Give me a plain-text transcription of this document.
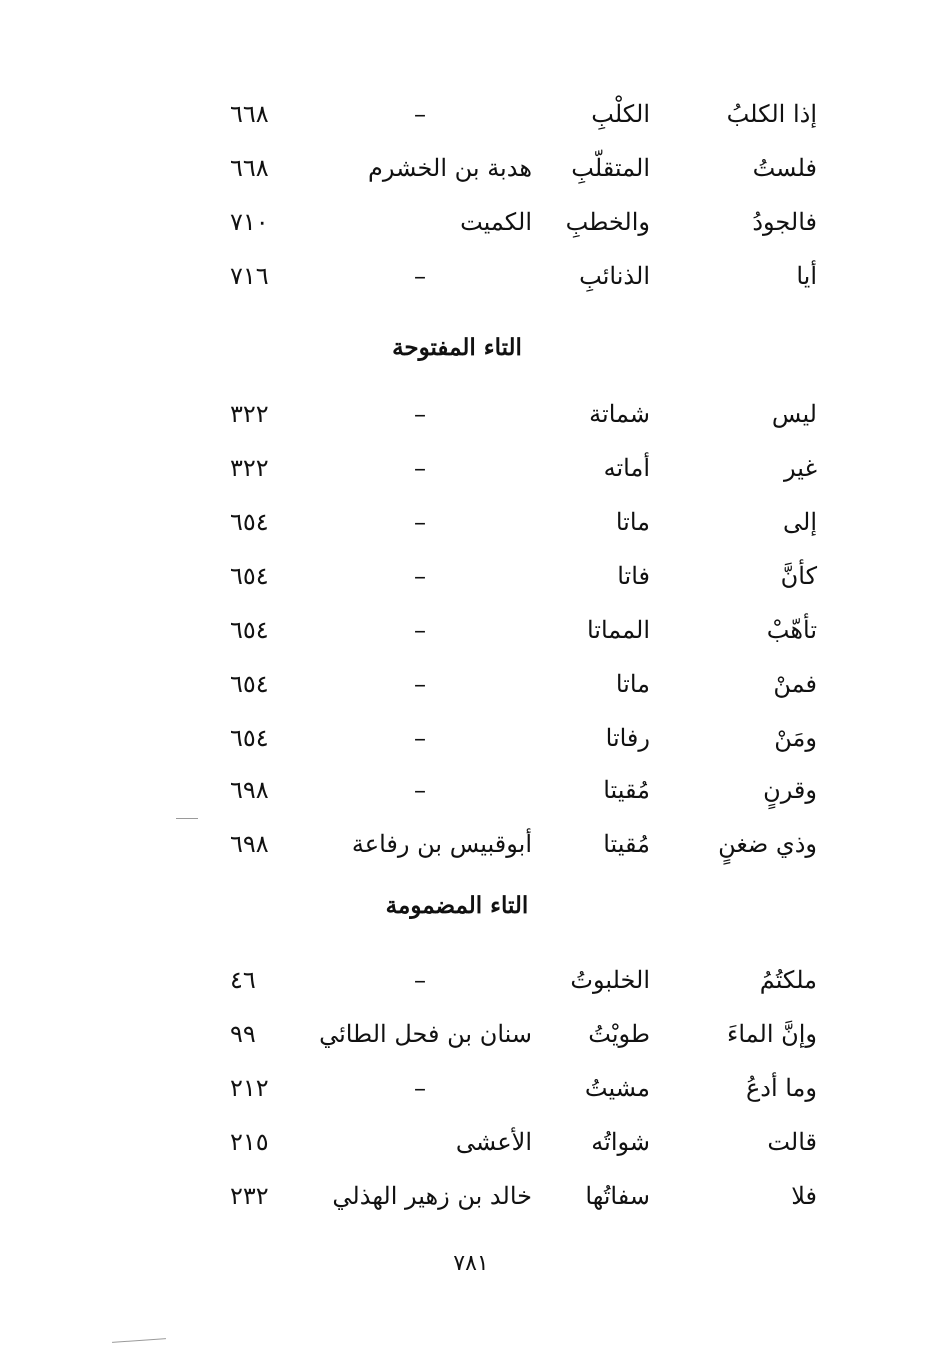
إذا الكلبُ
الكلْبِ
–
٦٦٨
فلستُ
المتقلّبِ
هدبة بن الخشرم
٦٦٨
فالجودُ
والخطبِ
الكميت
٧١٠
أيا
الذنائبِ
–
٧١٦
التاء المفتوحة
ليس
شماتة
–
٣٢٢
غير
أماته
–
٣٢٢
إلى
ماتا
–
٦٥٤
كأنَّ
فاتا
–
٦٥٤
تأهّبْ
المماتا
–
٦٥٤
فمنْ
ماتا
–
٦٥٤
ومَنْ
رفاتا
–
٦٥٤
وقرنٍ
مُقيتا
–
٦٩٨
وذي ضغنٍ
مُقيتا
أبوقبيس بن رفاعة
٦٩٨
التاء المضمومة
ملكتُمُ
الخلبوتُ
–
٤٦
وإنَّ الماءَ
طويْتُ
سنان بن فحل الطائي
٩٩
وما أدعُ
مشيتُ
–
٢١٢
قالت
شواتُه
الأعشى
٢١٥
فلا
سفاتُها
خالد بن زهير الهذلي
٢٣٢
٧٨١
